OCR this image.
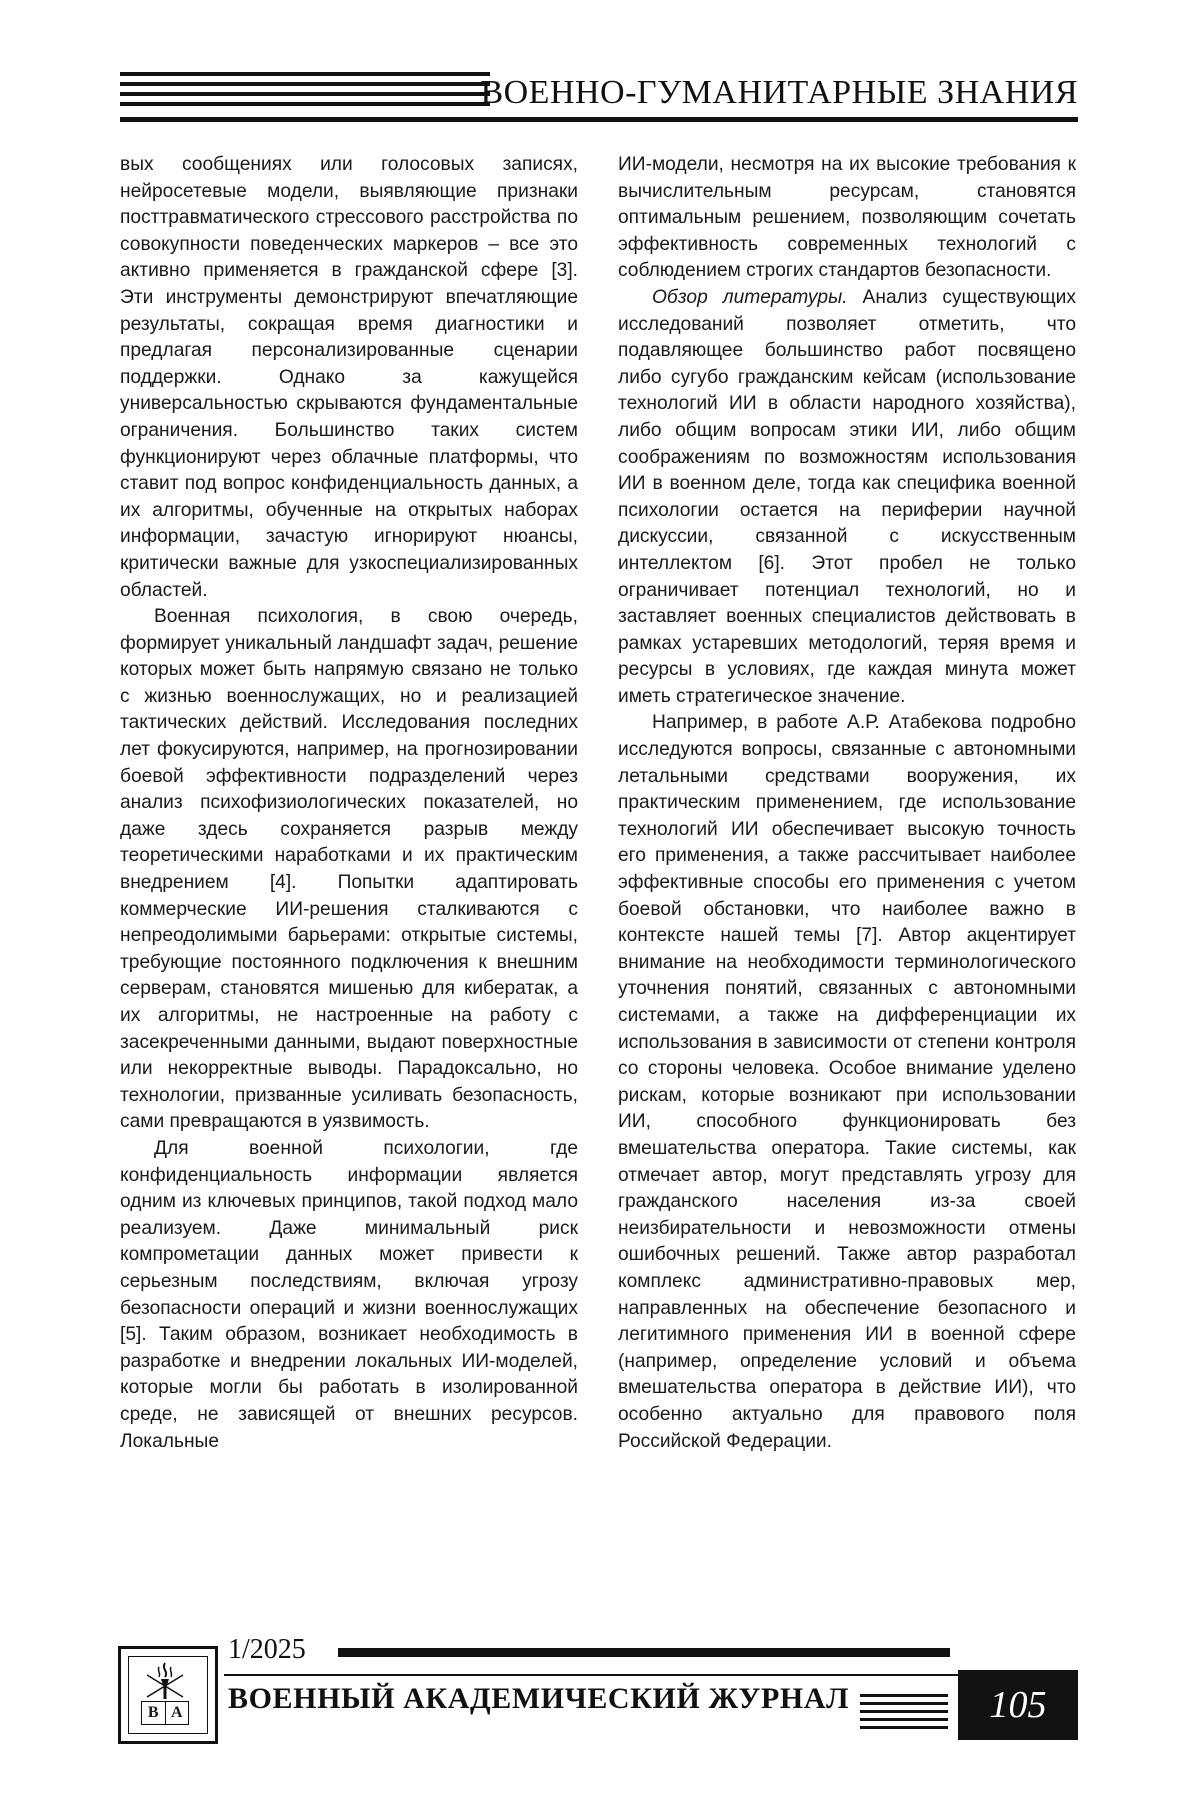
ВОЕННО-ГУМАНИТАРНЫЕ ЗНАНИЯ

вых сообщениях или голосовых записях, нейросетевые модели, выявляющие признаки посттравматического стрессового расстройства по совокупности поведенческих маркеров – все это активно применяется в гражданской сфере [3]. Эти инструменты демонстрируют впечатляющие результаты, сокращая время диагностики и предлагая персонализированные сценарии поддержки. Однако за кажущейся универсальностью скрываются фундаментальные ограничения. Большинство таких систем функционируют через облачные платформы, что ставит под вопрос конфиденциальность данных, а их алгоритмы, обученные на открытых наборах информации, зачастую игнорируют нюансы, критически важные для узкоспециализированных областей.

Военная психология, в свою очередь, формирует уникальный ландшафт задач, решение которых может быть напрямую связано не только с жизнью военнослужащих, но и реализацией тактических действий. Исследования последних лет фокусируются, например, на прогнозировании боевой эффективности подразделений через анализ психофизиологических показателей, но даже здесь сохраняется разрыв между теоретическими наработками и их практическим внедрением [4]. Попытки адаптировать коммерческие ИИ-решения сталкиваются с непреодолимыми барьерами: открытые системы, требующие постоянного подключения к внешним серверам, становятся мишенью для кибератак, а их алгоритмы, не настроенные на работу с засекреченными данными, выдают поверхностные или некорректные выводы. Парадоксально, но технологии, призванные усиливать безопасность, сами превращаются в уязвимость.

Для военной психологии, где конфиденциальность информации является одним из ключевых принципов, такой подход мало реализуем. Даже минимальный риск компрометации данных может привести к серьезным последствиям, включая угрозу безопасности операций и жизни военнослужащих [5]. Таким образом, возникает необходимость в разработке и внедрении локальных ИИ-моделей, которые могли бы работать в изолированной среде, не зависящей от внешних ресурсов. Локальные

ИИ-модели, несмотря на их высокие требования к вычислительным ресурсам, становятся оптимальным решением, позволяющим сочетать эффективность современных технологий с соблюдением строгих стандартов безопасности.

Обзор литературы. Анализ существующих исследований позволяет отметить, что подавляющее большинство работ посвящено либо сугубо гражданским кейсам (использование технологий ИИ в области народного хозяйства), либо общим вопросам этики ИИ, либо общим соображениям по возможностям использования ИИ в военном деле, тогда как специфика военной психологии остается на периферии научной дискуссии, связанной с искусственным интеллектом [6]. Этот пробел не только ограничивает потенциал технологий, но и заставляет военных специалистов действовать в рамках устаревших методологий, теряя время и ресурсы в условиях, где каждая минута может иметь стратегическое значение.

Например, в работе А.Р. Атабекова подробно исследуются вопросы, связанные с автономными летальными средствами вооружения, их практическим применением, где использование технологий ИИ обеспечивает высокую точность его применения, а также рассчитывает наиболее эффективные способы его применения с учетом боевой обстановки, что наиболее важно в контексте нашей темы [7]. Автор акцентирует внимание на необходимости терминологического уточнения понятий, связанных с автономными системами, а также на дифференциации их использования в зависимости от степени контроля со стороны человека. Особое внимание уделено рискам, которые возникают при использовании ИИ, способного функционировать без вмешательства оператора. Такие системы, как отмечает автор, могут представлять угрозу для гражданского населения из-за своей неизбирательности и невозможности отмены ошибочных решений. Также автор разработал комплекс административно-правовых мер, направленных на обеспечение безопасного и легитимного применения ИИ в военной сфере (например, определение условий и объема вмешательства оператора в действие ИИ), что особенно актуально для правового поля Российской Федерации.

В А
1/2025
ВОЕННЫЙ АКАДЕМИЧЕСКИЙ ЖУРНАЛ	105
